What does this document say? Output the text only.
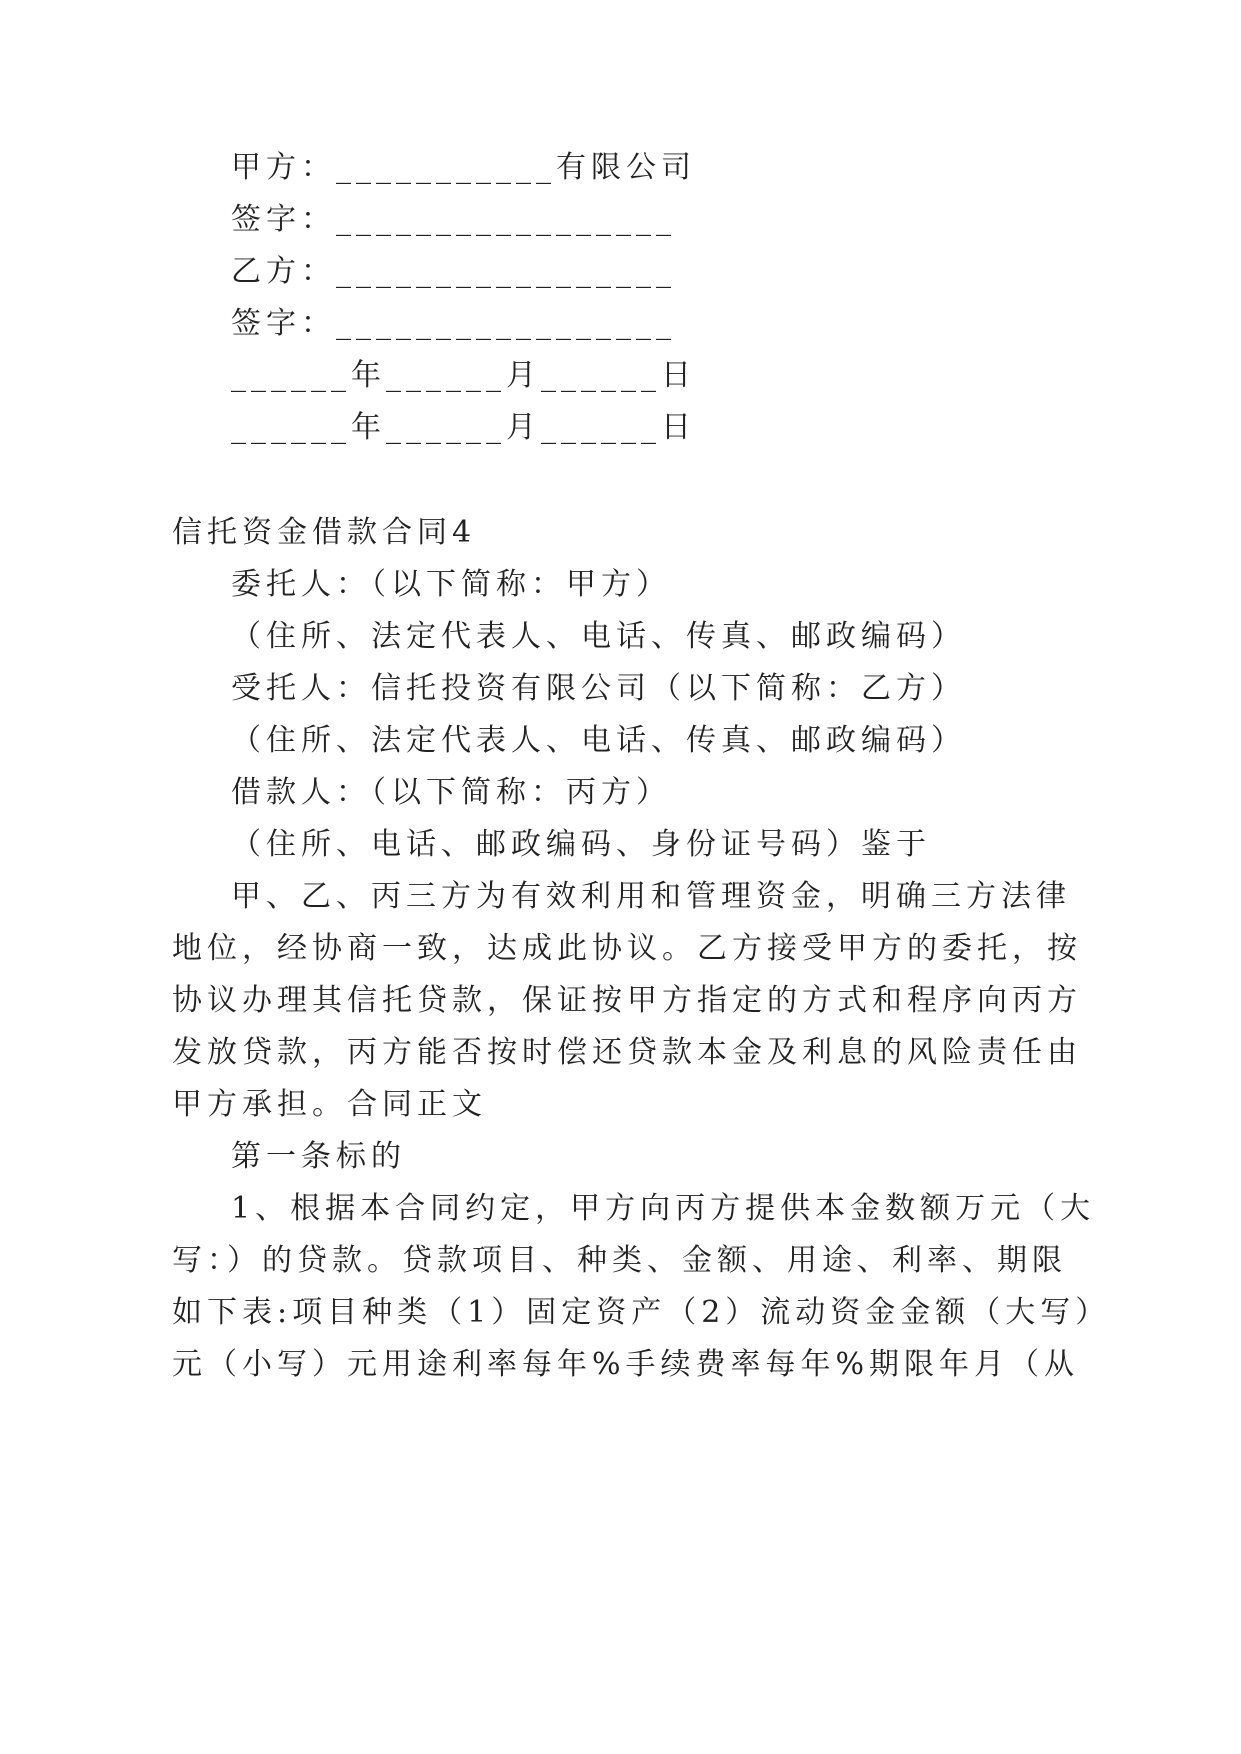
甲方：___________有限公司
签字：_________________
乙方：_________________
签字：_________________
______年______月______日
______年______月______日
信托资金借款合同4
委托人：（以下简称：甲方）
（住所、法定代表人、电话、传真、邮政编码）
受托人：信托投资有限公司（以下简称：乙方）
（住所、法定代表人、电话、传真、邮政编码）
借款人：（以下简称：丙方）
（住所、电话、邮政编码、身份证号码）鉴于
甲、乙、丙三方为有效利用和管理资金，明确三方法律
地位，经协商一致，达成此协议。乙方接受甲方的委托，按
协议办理其信托贷款，保证按甲方指定的方式和程序向丙方
发放贷款，丙方能否按时偿还贷款本金及利息的风险责任由
甲方承担。合同正文
第一条标的
1、根据本合同约定，甲方向丙方提供本金数额万元（大
写：）的贷款。贷款项目、种类、金额、用途、利率、期限
如下表:项目种类（1）固定资产（2）流动资金金额（大写）
元（小写）元用途利率每年%手续费率每年%期限年月（从
